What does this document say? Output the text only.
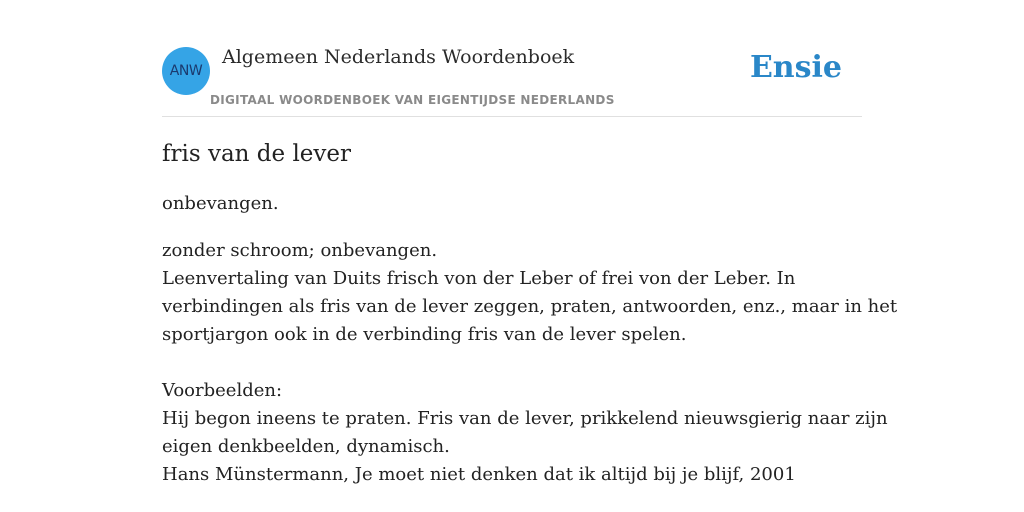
ANW
Algemeen Nederlands Woordenboek
DIGITAAL WOORDENBOEK VAN EIGENTIJDSE NEDERLANDS
Ensie
fris van de lever
onbevangen.
zonder schroom; onbevangen.
Leenvertaling van Duits frisch von der Leber of frei von der Leber. In
verbindingen als fris van de lever zeggen, praten, antwoorden, enz., maar in het
sportjargon ook in de verbinding fris van de lever spelen.
Voorbeelden:
Hij begon ineens te praten. Fris van de lever, prikkelend nieuwsgierig naar zijn
eigen denkbeelden, dynamisch.
Hans Münstermann, Je moet niet denken dat ik altijd bij je blijf, 2001
